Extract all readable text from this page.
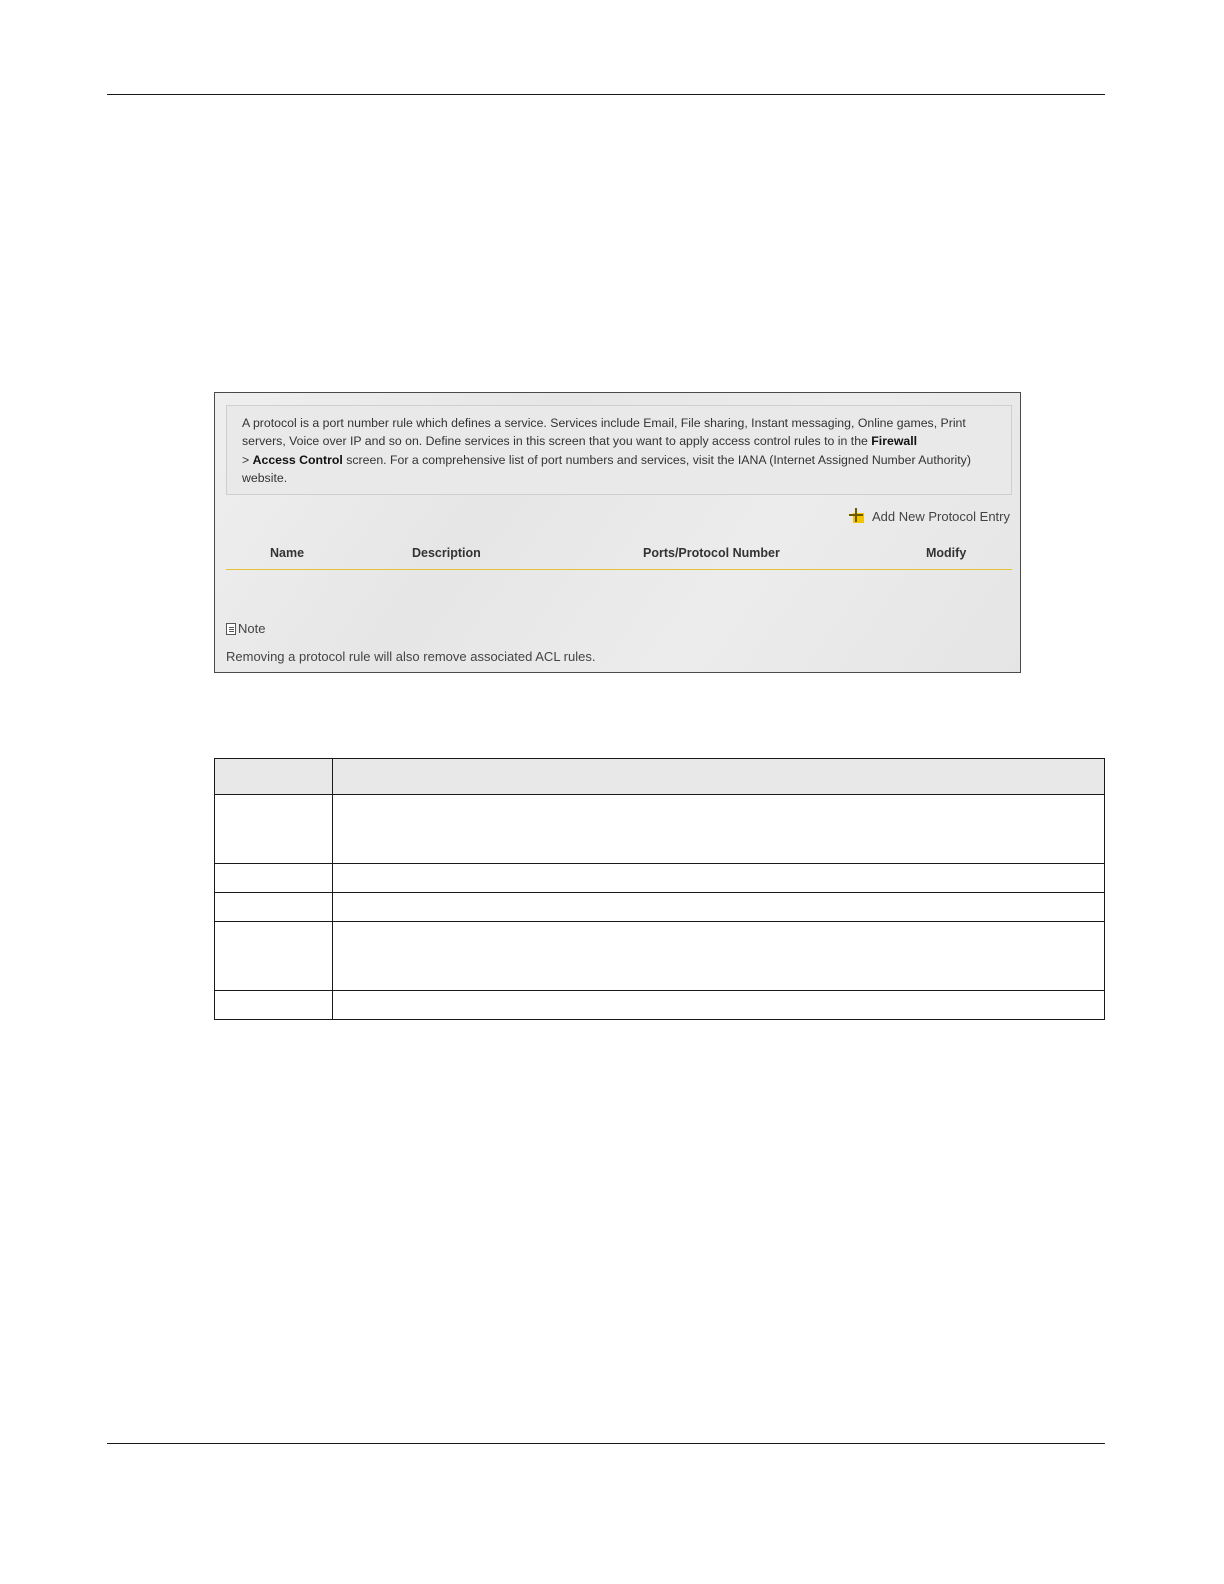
A protocol is a port number rule which defines a service. Services include Email, File sharing, Instant messaging, Online games, Print servers, Voice over IP and so on. Define services in this screen that you want to apply access control rules to in the Firewall
> Access Control screen. For a comprehensive list of port numbers and services, visit the IANA (Internet Assigned Number Authority) website.
Add New Protocol Entry
Name	Description	Ports/Protocol Number	Modify
Note
Removing a protocol rule will also remove associated ACL rules.
